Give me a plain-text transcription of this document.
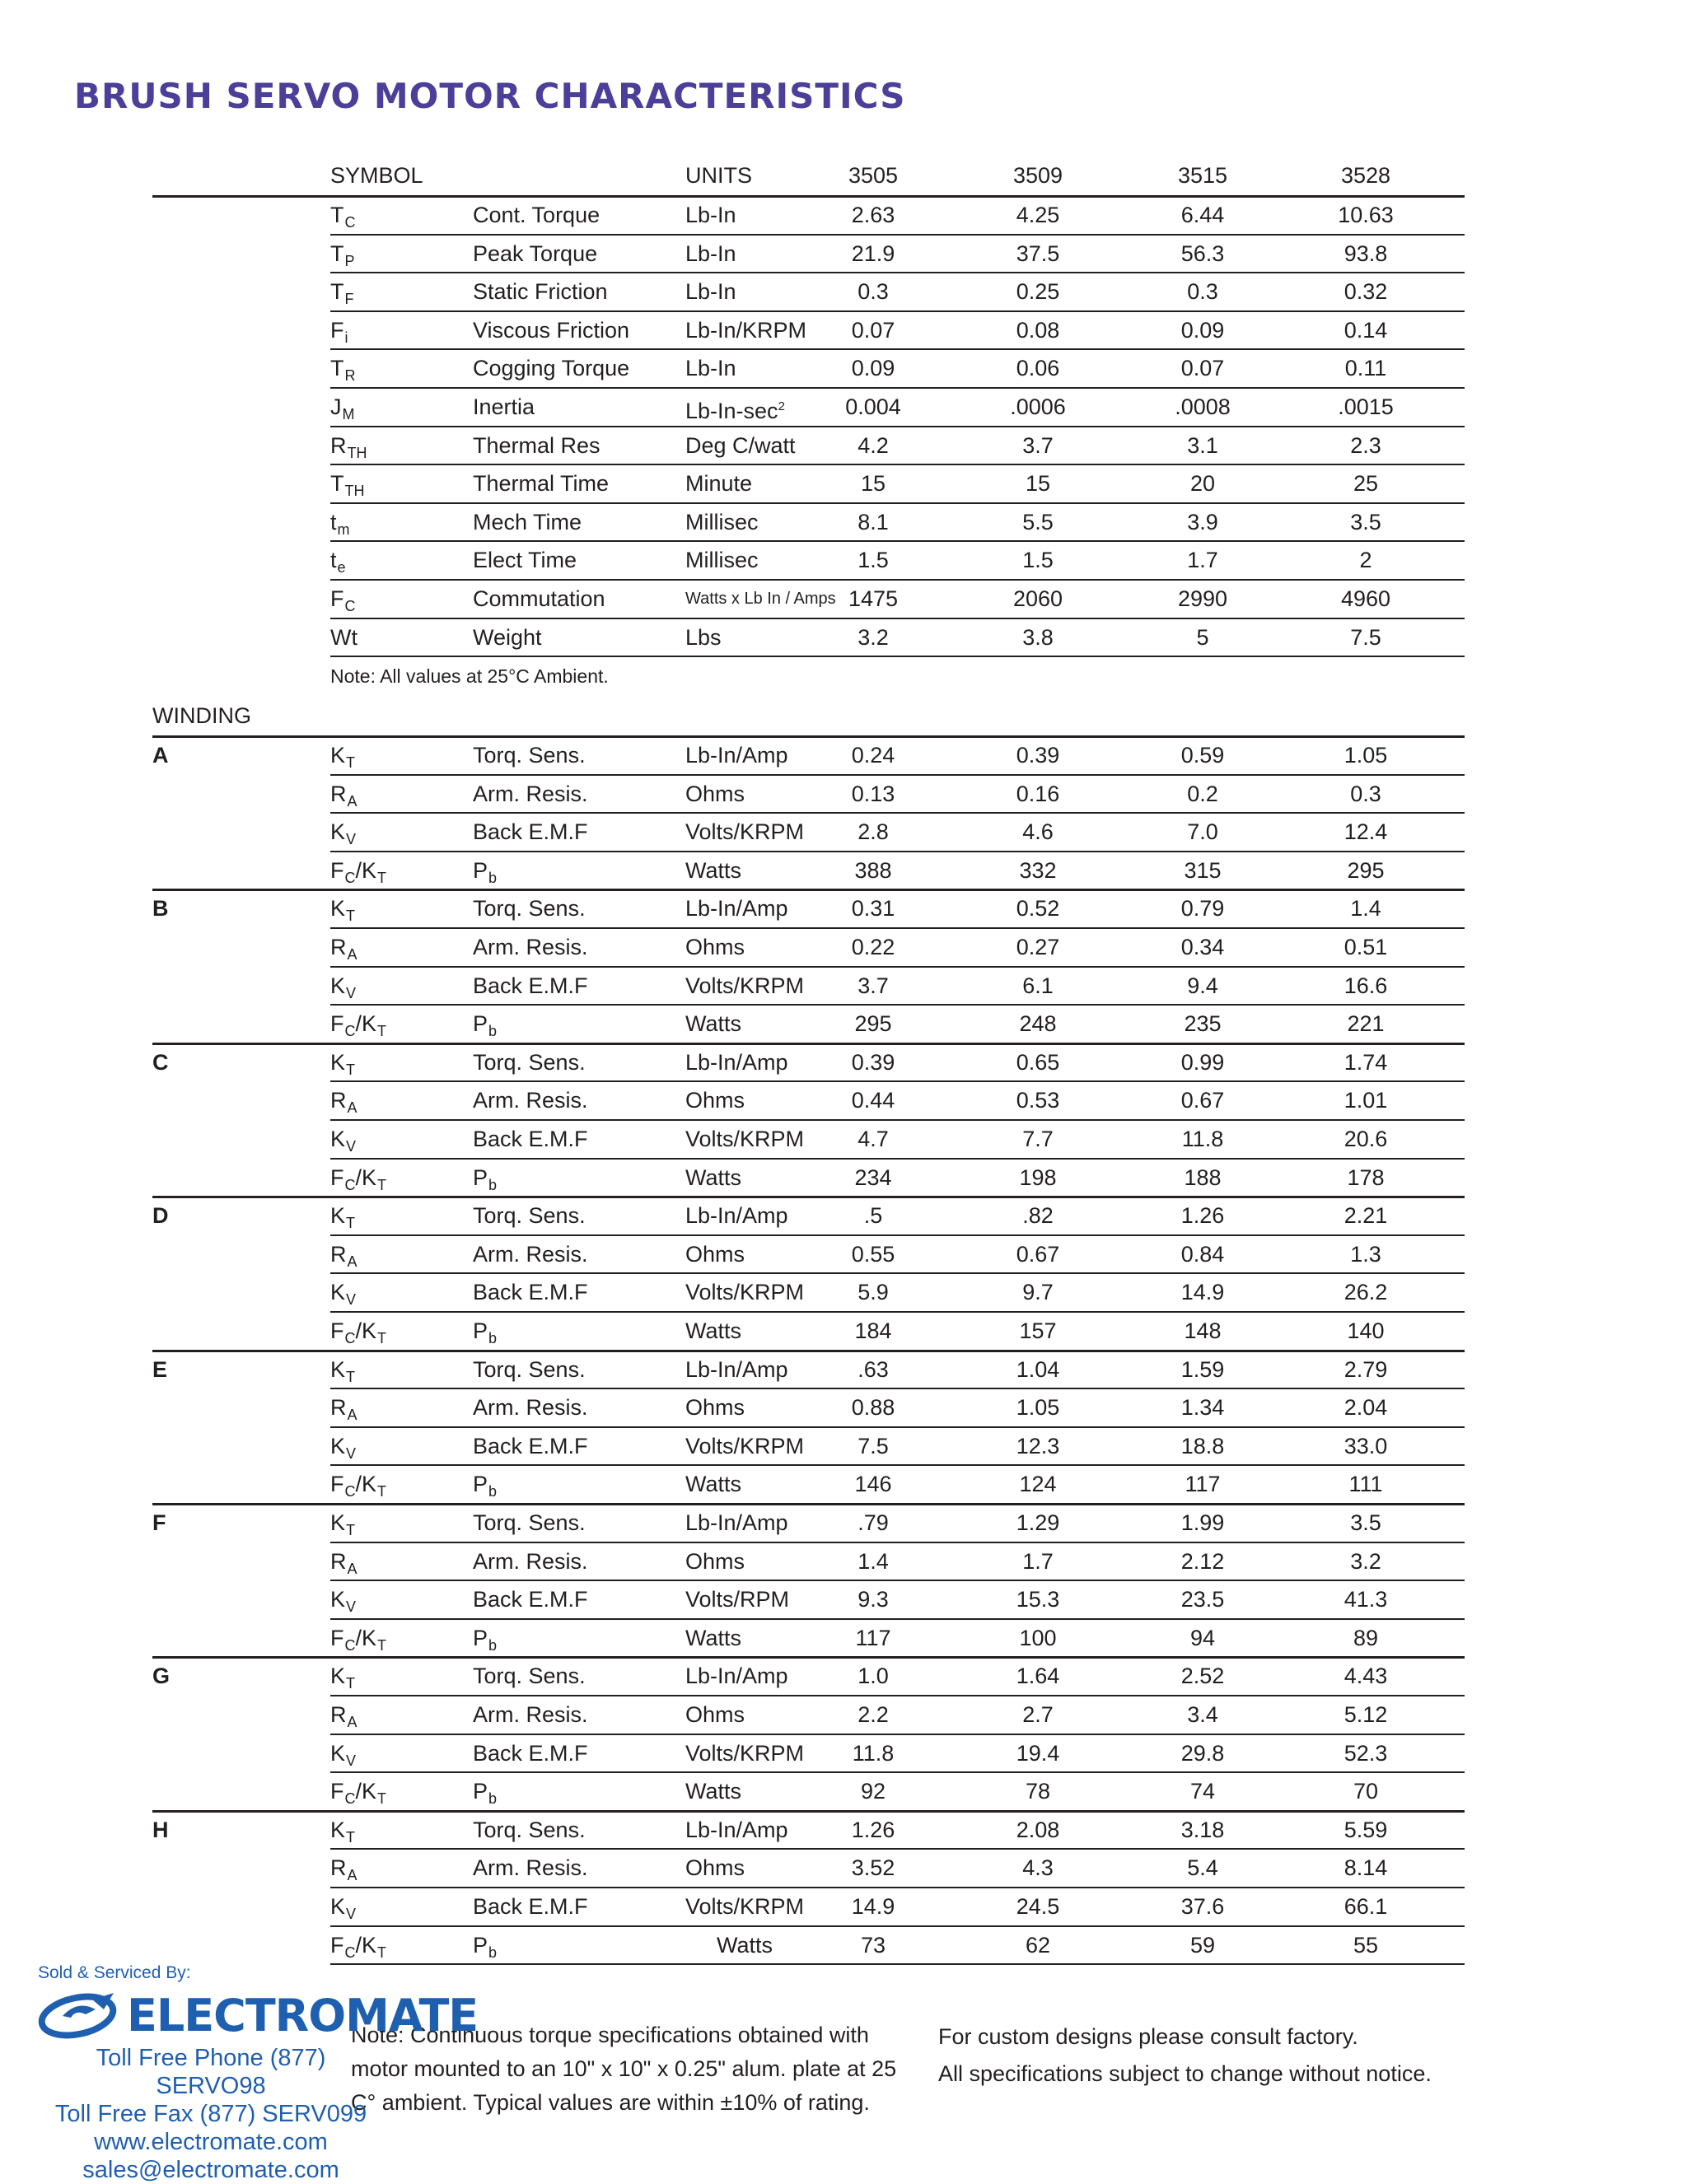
BRUSH SERVO MOTOR CHARACTERISTICS
SYMBOL	UNITS	3505	3509	3515	3528
$T_C$	Cont. Torque	Lb-In	2.63	4.25	6.44	10.63
$T_P$	Peak Torque	Lb-In	21.9	37.5	56.3	93.8
$T_F$	Static Friction	Lb-In	0.3	0.25	0.3	0.32
$F_i$	Viscous Friction	Lb-In/KRPM	0.07	0.08	0.09	0.14
$T_R$	Cogging Torque	Lb-In	0.09	0.06	0.07	0.11
$J_M$	Inertia	$Lb-In-\sec^2$	0.004	.0006	.0008	.0015
$R_{TH}$	Thermal Res	Deg C/watt	4.2	3.7	3.1	2.3
$T_{TH}$	Thermal Time	Minute	15	15	20	25
$t_m$	Mech Time	Millisec	8.1	5.5	3.9	3.5
$t_e$	Elect Time	Millisec	1.5	1.5	1.7	2
$F_C$	Commutation	Watts x Lb In / Amps 1475	2060	2990	4960
Wt	Weight	Lbs	3.2	3.8	5	7.5
Note: All values at 25°C Ambient.
WINDING
A	$K_T$	Torq. Sens.	Lb-In/Amp	0.24	0.39	0.59	1.05
$R_A$	Arm. Resis.	Ohms	0.13	0.16	0.2	0.3
$K_V$	Back E.M.F	Volts/KRPM	2.8	4.6	7.0	12.4
$F_C/K_T$	$P_b$	Watts	388	332	315	295
B	$K_T$	Torq. Sens.	Lb-In/Amp	0.31	0.52	0.79	1.4
$R_A$	Arm. Resis.	Ohms	0.22	0.27	0.34	0.51
$K_V$	Back E.M.F	Volts/KRPM	3.7	6.1	9.4	16.6
$F_C/K_T$	$P_b$	Watts	295	248	235	221
C	$K_T$	Torq. Sens.	Lb-In/Amp	0.39	0.65	0.99	1.74
$R_A$	Arm. Resis.	Ohms	0.44	0.53	0.67	1.01
$K_V$	Back E.M.F	Volts/KRPM	4.7	7.7	11.8	20.6
$F_C/K_T$	$P_b$	Watts	234	198	188	178
D	$K_T$	Torq. Sens.	Lb-In/Amp	.5	.82	1.26	2.21
$R_A$	Arm. Resis.	Ohms	0.55	0.67	0.84	1.3
$K_V$	Back E.M.F	Volts/KRPM	5.9	9.7	14.9	26.2
$F_C/K_T$	$P_b$	Watts	184	157	148	140
E	$K_T$	Torq. Sens.	Lb-In/Amp	.63	1.04	1.59	2.79
$R_A$	Arm. Resis.	Ohms	0.88	1.05	1.34	2.04
$K_V$	Back E.M.F	Volts/KRPM	7.5	12.3	18.8	33.0
$F_C/K_T$	$P_b$	Watts	146	124	117	111
F	$K_T$	Torq. Sens.	Lb-In/Amp	.79	1.29	1.99	3.5
$R_A$	Arm. Resis.	Ohms	1.4	1.7	2.12	3.2
$K_V$	Back E.M.F	Volts/RPM	9.3	15.3	23.5	41.3
$F_C/K_T$	$P_b$	Watts	117	100	94	89
G	$K_T$	Torq. Sens.	Lb-In/Amp	1.0	1.64	2.52	4.43
$R_A$	Arm. Resis.	Ohms	2.2	2.7	3.4	5.12
$K_V$	Back E.M.F	Volts/KRPM	11.8	19.4	29.8	52.3
$F_C/K_T$	$P_b$	Watts	92	78	74	70
H	$K_T$	Torq. Sens.	Lb-In/Amp	1.26	2.08	3.18	5.59
$R_A$	Arm. Resis.	Ohms	3.52	4.3	5.4	8.14
$K_V$	Back E.M.F	Volts/KRPM	14.9	24.5	37.6	66.1
$F_C/K_T$	$P_b$	Watts	73	62	59	55
Note: Continuous torque specifications obtained with motor mounted to an 10" x 10" x 0.25" alum. plate at 25 C° ambient. Typical values are within ±10% of rating.
For custom designs please consult factory.
All specifications subject to change without notice.
Sold & Serviced By:
ELECTROMATE
Toll Free Phone (877) SERVO98
Toll Free Fax (877) SERV099
www.electromate.com
sales@electromate.com
